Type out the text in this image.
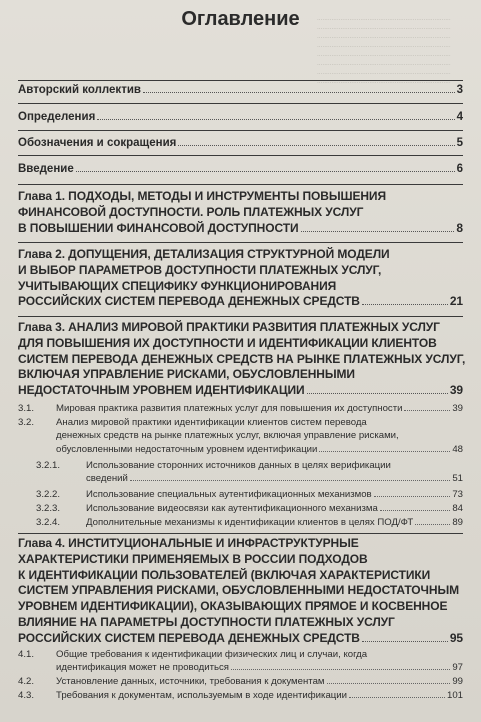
..........................................................................
..........................................................................
..........................................................................
..........................................................................
..........................................................................
..........................................................................
..........................................................................
..........................................................................
Оглавление
Авторский коллектив	3
Определения	4
Обозначения и сокращения	5
Введение	6
Глава 1. ПОДХОДЫ, МЕТОДЫ И ИНСТРУМЕНТЫ ПОВЫШЕНИЯ
ФИНАНСОВОЙ ДОСТУПНОСТИ. РОЛЬ ПЛАТЕЖНЫХ УСЛУГ
В ПОВЫШЕНИИ ФИНАНСОВОЙ ДОСТУПНОСТИ	8
Глава 2. ДОПУЩЕНИЯ, ДЕТАЛИЗАЦИЯ СТРУКТУРНОЙ МОДЕЛИ
И ВЫБОР ПАРАМЕТРОВ ДОСТУПНОСТИ ПЛАТЕЖНЫХ УСЛУГ,
УЧИТЫВАЮЩИХ СПЕЦИФИКУ ФУНКЦИОНИРОВАНИЯ
РОССИЙСКИХ СИСТЕМ ПЕРЕВОДА ДЕНЕЖНЫХ СРЕДСТВ	21
Глава 3. АНАЛИЗ МИРОВОЙ ПРАКТИКИ РАЗВИТИЯ ПЛАТЕЖНЫХ УСЛУГ
ДЛЯ ПОВЫШЕНИЯ ИХ ДОСТУПНОСТИ И ИДЕНТИФИКАЦИИ КЛИЕНТОВ
СИСТЕМ ПЕРЕВОДА ДЕНЕЖНЫХ СРЕДСТВ НА РЫНКЕ ПЛАТЕЖНЫХ УСЛУГ,
ВКЛЮЧАЯ УПРАВЛЕНИЕ РИСКАМИ, ОБУСЛОВЛЕННЫМИ
НЕДОСТАТОЧНЫМ УРОВНЕМ ИДЕНТИФИКАЦИИ	39
3.1. Мировая практика развития платежных услуг для повышения их доступности	39
3.2. Анализ мировой практики идентификации клиентов систем перевода
денежных средств на рынке платежных услуг, включая управление рисками,
обусловленными недостаточным уровнем идентификации	48
3.2.1.	Использование сторонних источников данных в целях верификации
сведений	51
3.2.2.	Использование специальных аутентификационных механизмов	73
3.2.3.	Использование видеосвязи как аутентификационного механизма	84
3.2.4.	Дополнительные механизмы к идентификации клиентов в целях ПОД/ФТ	89
Глава 4. ИНСТИТУЦИОНАЛЬНЫЕ И ИНФРАСТРУКТУРНЫЕ
ХАРАКТЕРИСТИКИ ПРИМЕНЯЕМЫХ В РОССИИ ПОДХОДОВ
К ИДЕНТИФИКАЦИИ ПОЛЬЗОВАТЕЛЕЙ (ВКЛЮЧАЯ ХАРАКТЕРИСТИКИ
СИСТЕМ УПРАВЛЕНИЯ РИСКАМИ, ОБУСЛОВЛЕННЫМИ НЕДОСТАТОЧНЫМ
УРОВНЕМ ИДЕНТИФИКАЦИИ), ОКАЗЫВАЮЩИХ ПРЯМОЕ И КОСВЕННОЕ
ВЛИЯНИЕ НА ПАРАМЕТРЫ ДОСТУПНОСТИ ПЛАТЕЖНЫХ УСЛУГ
РОССИЙСКИХ СИСТЕМ ПЕРЕВОДА ДЕНЕЖНЫХ СРЕДСТВ	95
4.1. Общие требования к идентификации физических лиц и случаи, когда
идентификация может не проводиться	97
4.2. Установление данных, источники, требования к документам	99
4.3. Требования к документам, используемым в ходе идентификации	101
